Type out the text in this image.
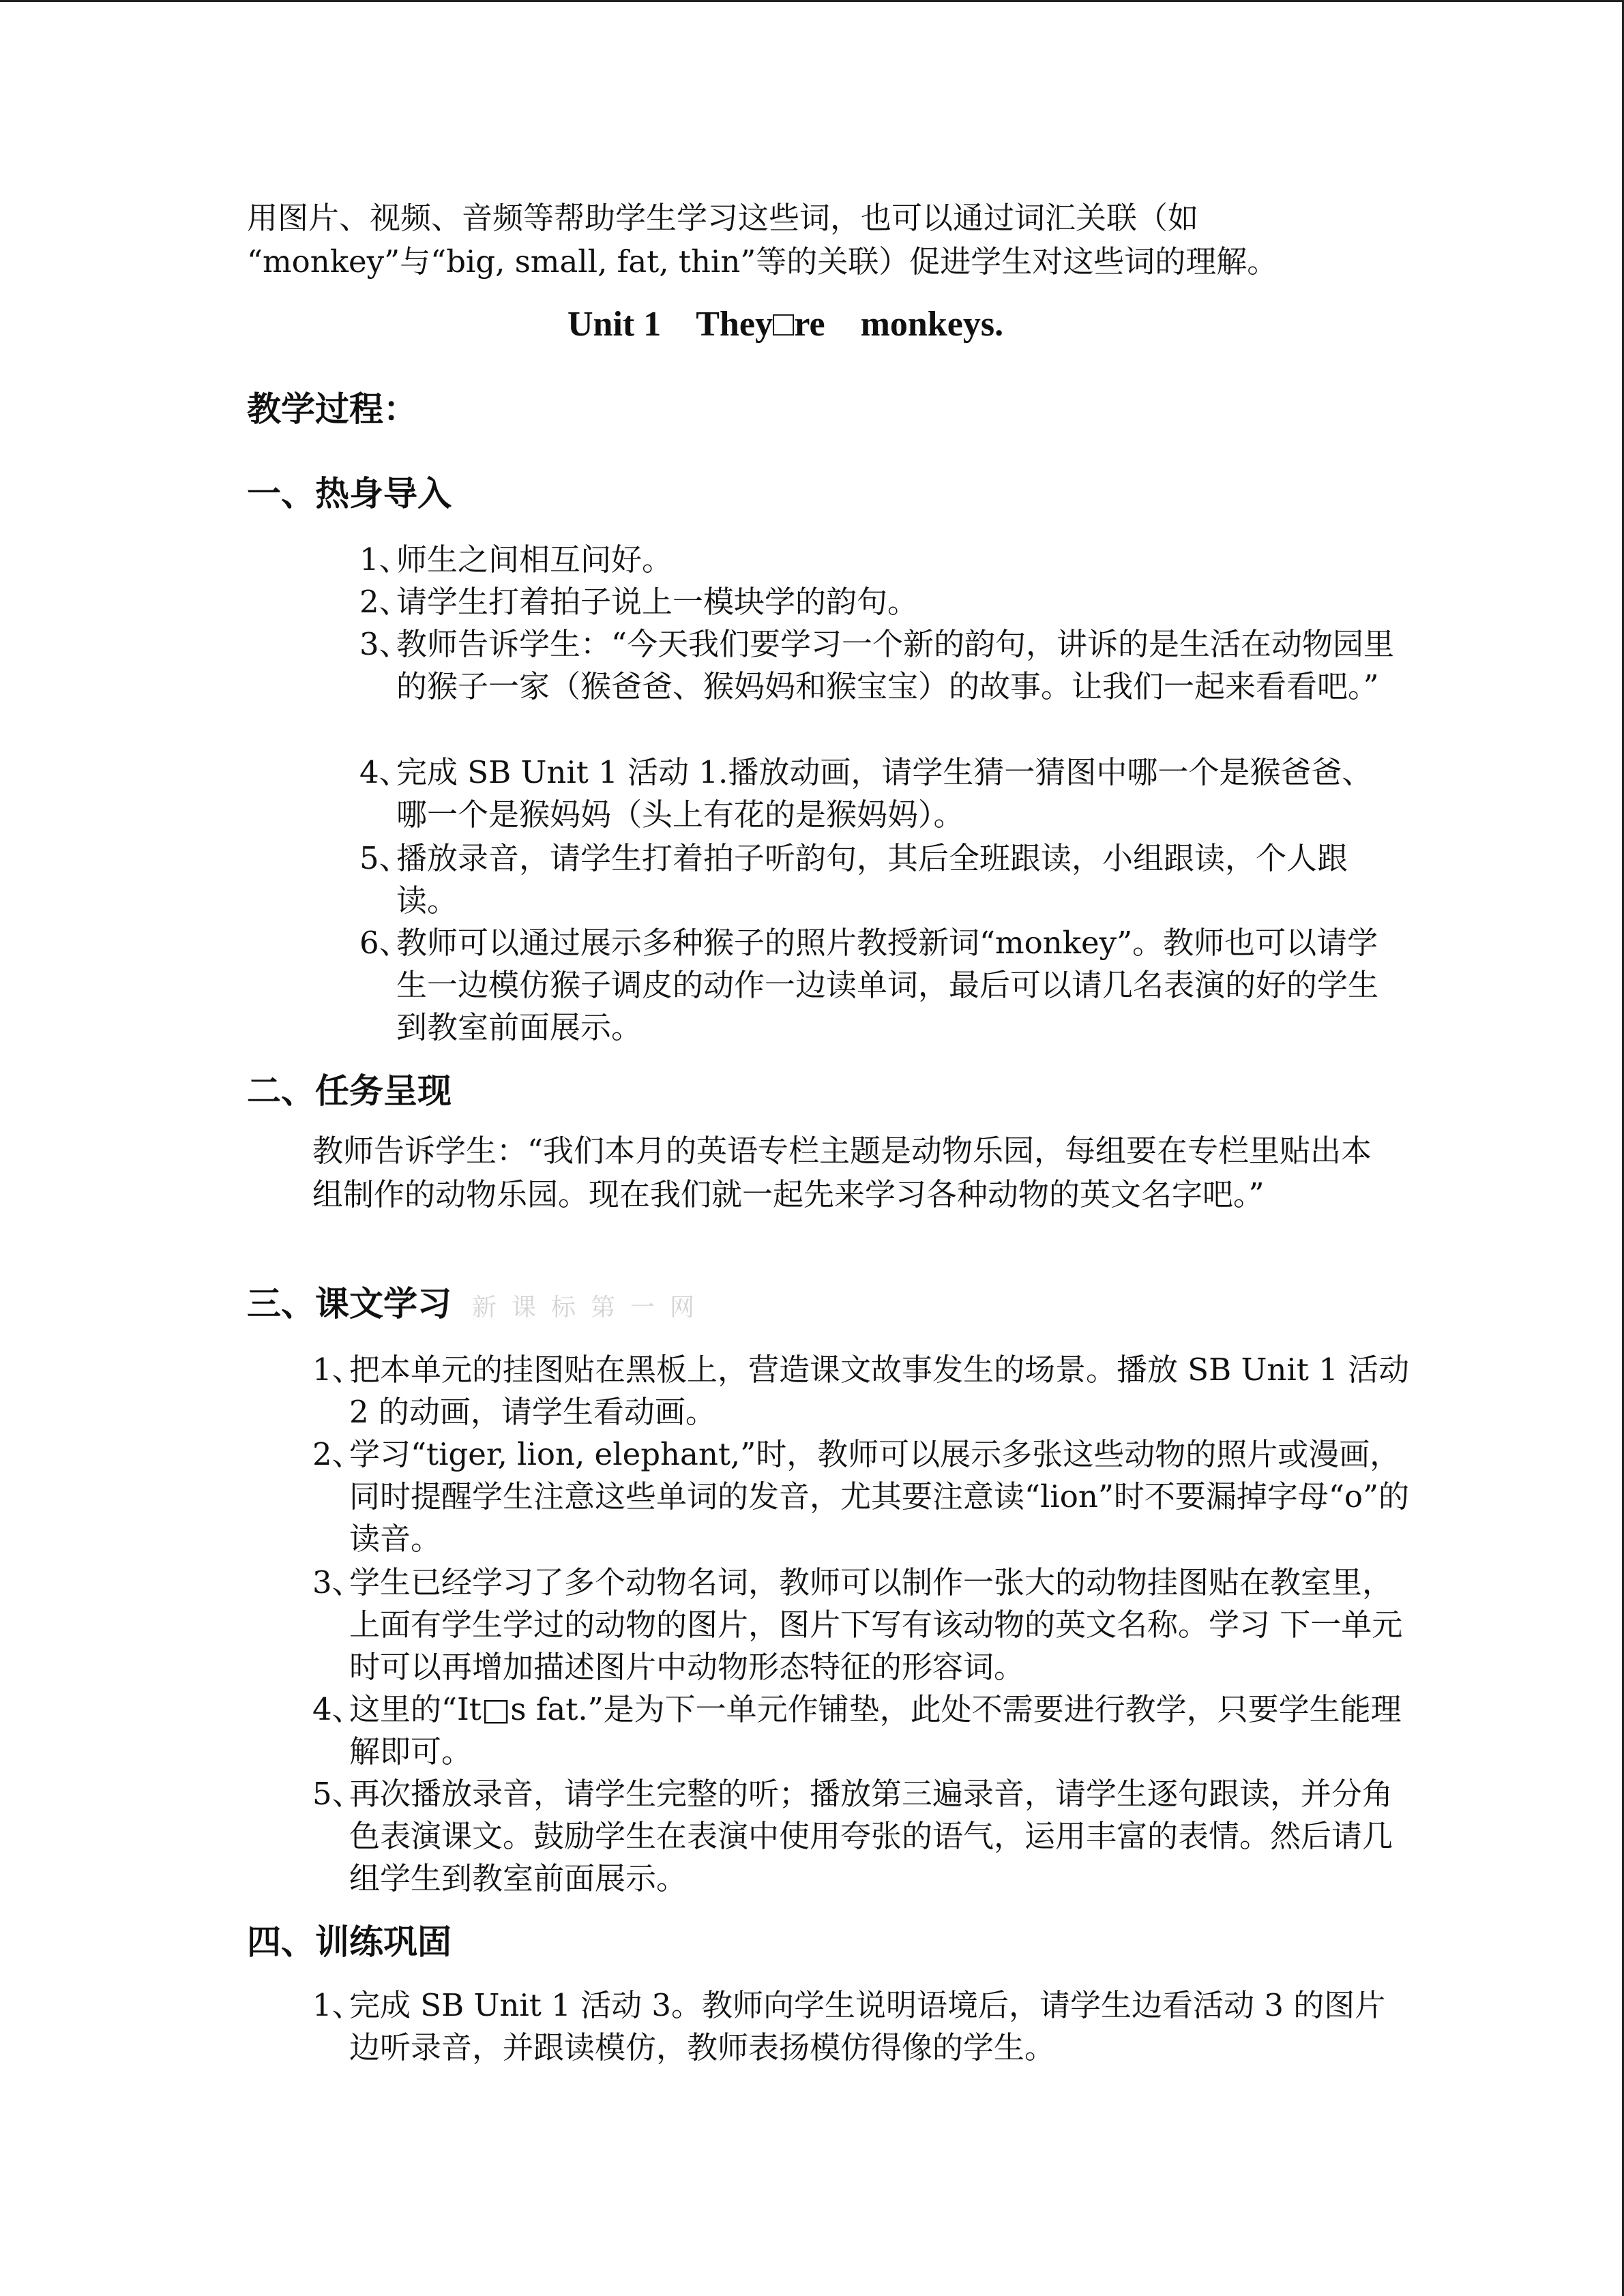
用图片、视频、音频等帮助学生学习这些词，也可以通过词汇关联（如
“monkey”与“big, small, fat, thin”等的关联）促进学生对这些词的理解。
Unit 1    They□re    monkeys.
教学过程：
一、热身导入
1、
师生之间相互问好。
2、
请学生打着拍子说上一模块学的韵句。
3、
教师告诉学生：“今天我们要学习一个新的韵句，讲诉的是生活在动物园里的猴子一家（猴爸爸、猴妈妈和猴宝宝）的故事。让我们一起来看看吧。”
4、
完成 SB Unit 1 活动 1.播放动画，请学生猜一猜图中哪一个是猴爸爸、哪一个是猴妈妈（头上有花的是猴妈妈）。
5、
播放录音，请学生打着拍子听韵句，其后全班跟读，小组跟读，个人跟读。
6、
教师可以通过展示多种猴子的照片教授新词“monkey”。教师也可以请学生一边模仿猴子调皮的动作一边读单词，最后可以请几名表演的好的学生到教室前面展示。
二、任务呈现
教师告诉学生：“我们本月的英语专栏主题是动物乐园，每组要在专栏里贴出本组制作的动物乐园。现在我们就一起先来学习各种动物的英文名字吧。”
三、课文学习 新课标第一网
1、
把本单元的挂图贴在黑板上，营造课文故事发生的场景。播放 SB Unit 1 活动 2 的动画，请学生看动画。
2、
学习“tiger, lion, elephant,”时，教师可以展示多张这些动物的照片或漫画，同时提醒学生注意这些单词的发音，尤其要注意读“lion”时不要漏掉字母“o”的读音。
3、
学生已经学习了多个动物名词，教师可以制作一张大的动物挂图贴在教室里，上面有学生学过的动物的图片，图片下写有该动物的英文名称。学习 下一单元时可以再增加描述图片中动物形态特征的形容词。
4、
这里的“It□s fat.”是为下一单元作铺垫，此处不需要进行教学，只要学生能理解即可。
5、
再次播放录音，请学生完整的听；播放第三遍录音，请学生逐句跟读，并分角色表演课文。鼓励学生在表演中使用夸张的语气，运用丰富的表情。然后请几组学生到教室前面展示。
四、训练巩固
1、
完成 SB Unit 1 活动 3。教师向学生说明语境后，请学生边看活动 3 的图片边听录音，并跟读模仿，教师表扬模仿得像的学生。
